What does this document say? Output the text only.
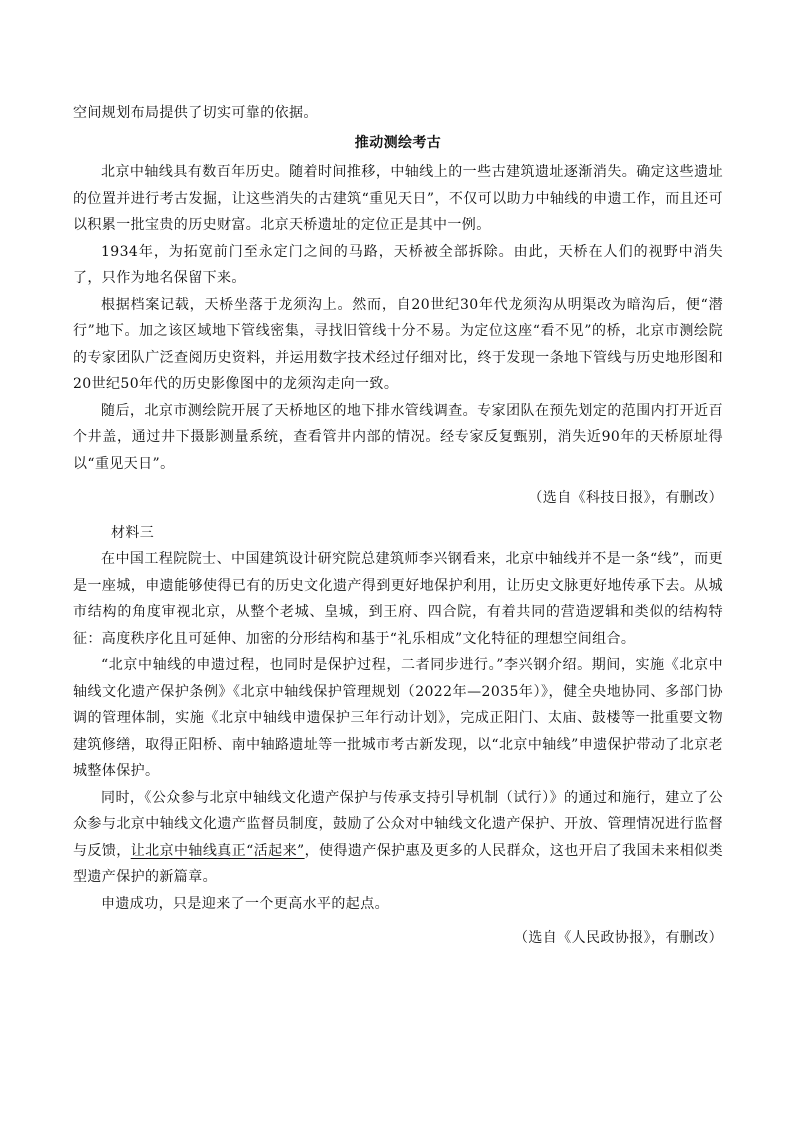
空间规划布局提供了切实可靠的依据。

推动测绘考古

北京中轴线具有数百年历史。随着时间推移，中轴线上的一些古建筑遗址逐渐消失。确定这些遗址的位置并进行考古发掘，让这些消失的古建筑“重见天日”，不仅可以助力中轴线的申遗工作，而且还可以积累一批宝贵的历史财富。北京天桥遗址的定位正是其中一例。

1934年，为拓宽前门至永定门之间的马路，天桥被全部拆除。由此，天桥在人们的视野中消失了，只作为地名保留下来。

根据档案记载，天桥坐落于龙须沟上。然而，自20世纪30年代龙须沟从明渠改为暗沟后，便“潜行”地下。加之该区域地下管线密集，寻找旧管线十分不易。为定位这座“看不见”的桥，北京市测绘院的专家团队广泛查阅历史资料，并运用数字技术经过仔细对比，终于发现一条地下管线与历史地形图和20世纪50年代的历史影像图中的龙须沟走向一致。

随后，北京市测绘院开展了天桥地区的地下排水管线调查。专家团队在预先划定的范围内打开近百个井盖，通过井下摄影测量系统，查看管井内部的情况。经专家反复甄别，消失近90年的天桥原址得以“重见天日”。

（选自《科技日报》，有删改）

材料三

在中国工程院院士、中国建筑设计研究院总建筑师李兴钢看来，北京中轴线并不是一条“线”，而更是一座城，申遗能够使得已有的历史文化遗产得到更好地保护利用，让历史文脉更好地传承下去。从城市结构的角度审视北京，从整个老城、皇城，到王府、四合院，有着共同的营造逻辑和类似的结构特征：高度秩序化且可延伸、加密的分形结构和基于“礼乐相成”文化特征的理想空间组合。

“北京中轴线的申遗过程，也同时是保护过程，二者同步进行。”李兴钢介绍。期间，实施《北京中轴线文化遗产保护条例》《北京中轴线保护管理规划（2022年—2035年）》，健全央地协同、多部门协调的管理体制，实施《北京中轴线申遗保护三年行动计划》，完成正阳门、太庙、鼓楼等一批重要文物建筑修缮，取得正阳桥、南中轴路遗址等一批城市考古新发现，以“北京中轴线”申遗保护带动了北京老城整体保护。

同时，《公众参与北京中轴线文化遗产保护与传承支持引导机制（试行）》的通过和施行，建立了公众参与北京中轴线文化遗产监督员制度，鼓励了公众对中轴线文化遗产保护、开放、管理情况进行监督与反馈，让北京中轴线真正“活起来”，使得遗产保护惠及更多的人民群众，这也开启了我国未来相似类型遗产保护的新篇章。

申遗成功，只是迎来了一个更高水平的起点。

（选自《人民政协报》，有删改）
